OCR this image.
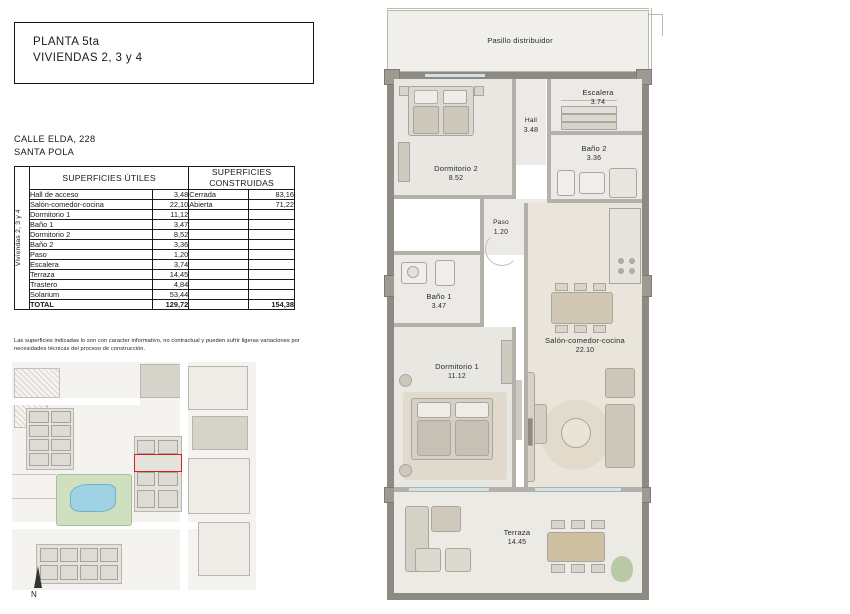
PLANTA 5ta
VIVIENDAS 2, 3 y 4
CALLE ELDA, 228
SANTA POLA
Viviendas 2, 3 y 4	SUPERFICIES ÚTILES		SUPERFICIES CONSTRUIDAS	
	Hall de acceso	3,48	Cerrada	83,16
	Salón-comedor-cocina	22,10	Abierta	71,22
	Dormitorio 1	11,12		
	Baño 1	3,47		
	Dormitorio 2	8,52		
	Baño 2	3,36		
	Paso	1,20		
	Escalera	3,74		
	Terraza	14,45		
	Trastero	4,84		
	Solarium	53,44		
	TOTAL	129,72		154,38
Las superficies indicadas lo son con caracter informativo, no contractual y pueden sufrir ligeras variaciones por necesidades técnicas del proceso de construcción.
N
Pasillo distribuidor
Dormitorio 2
8.52
Hall
3.48
Escalera
3.74
Baño 2
3.36
Paso
1.20
Baño 1
3.47
Dormitorio 1
11.12
Salón-comedor-cocina
22.10
Terraza
14.45
